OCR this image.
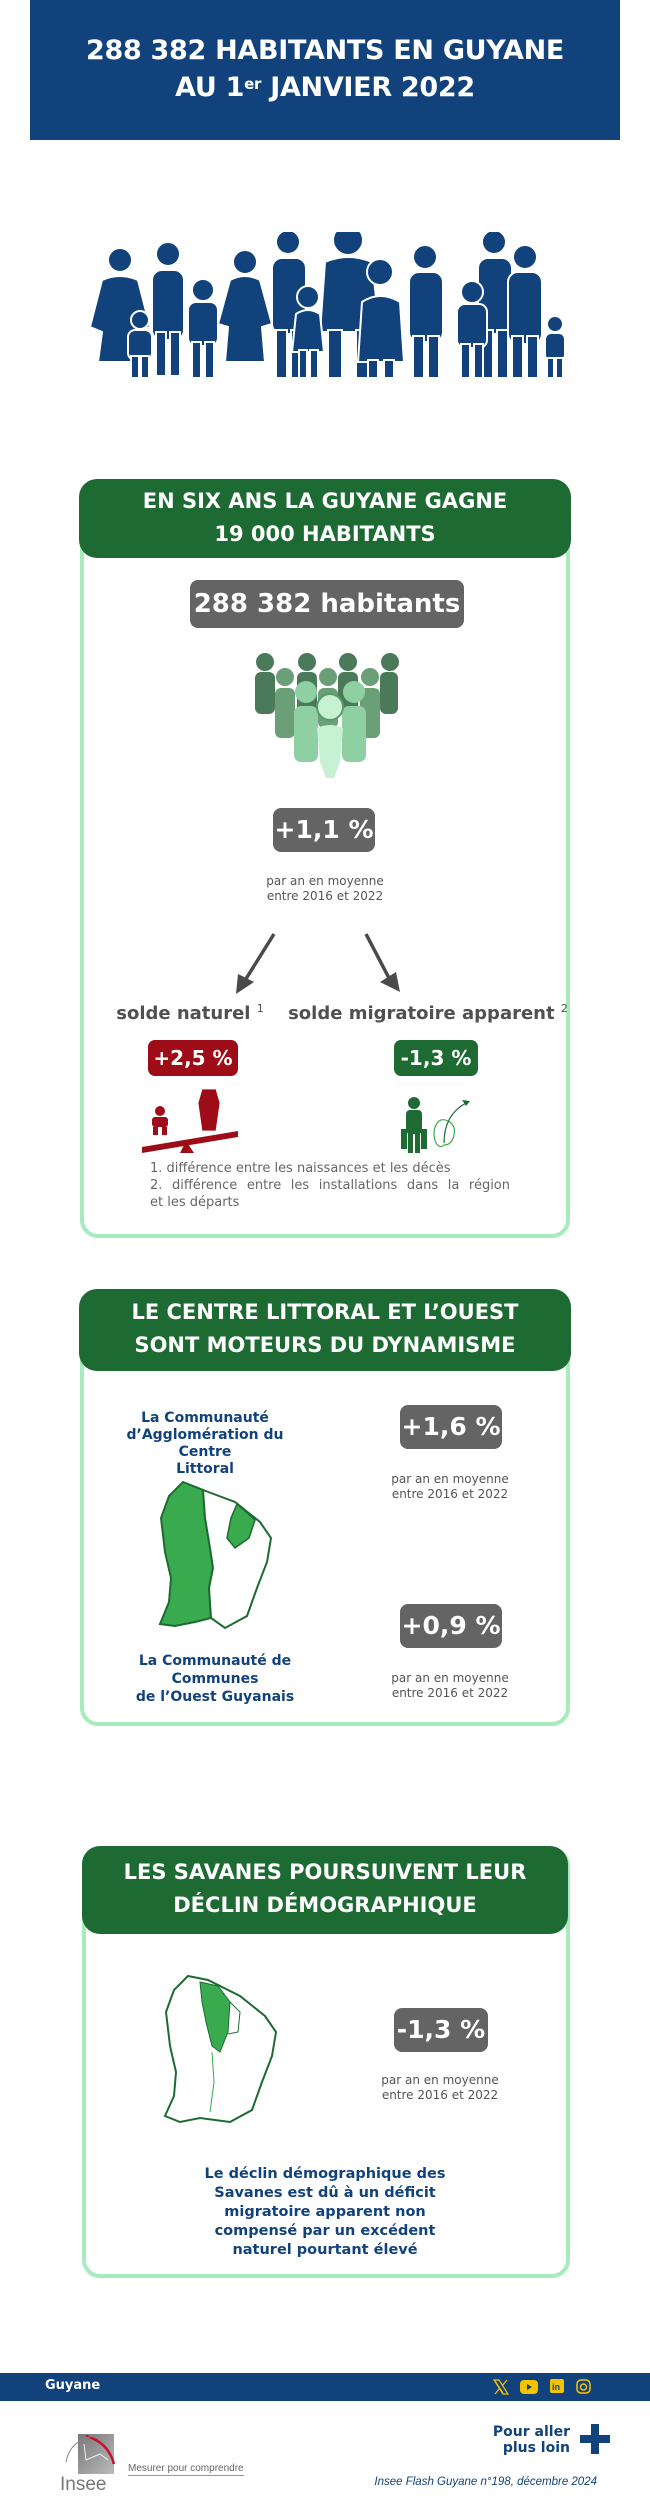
288 382 HABITANTS EN GUYANE
AU 1er JANVIER 2022
EN SIX ANS LA GUYANE GAGNE
19 000 HABITANTS
288 382 habitants
+1,1 %
par an en moyenne
entre 2016 et 2022
solde naturel $^1$	solde migratoire apparent $^2$
+2,5 %	-1,3 %
1. différence entre les naissances et les décès
2. différence entre les installations dans la région
et les départs
LE CENTRE LITTORAL ET L’OUEST
SONT MOTEURS DU DYNAMISME
La Communauté
d’Agglomération du Centre
Littoral
+1,6 %
par an en moyenne
entre 2016 et 2022
La Communauté de Communes
de l’Ouest Guyanais
+0,9 %
par an en moyenne
entre 2016 et 2022
LES SAVANES POURSUIVENT LEUR
DÉCLIN DÉMOGRAPHIQUE
-1,3 %
par an en moyenne
entre 2016 et 2022
Le déclin démographique des
Savanes est dû à un déficit
migratoire apparent non
compensé par un excédent
naturel pourtant élevé
Guyane	in
Insee
Mesurer pour comprendre
Pour aller
plus loin
Insee Flash Guyane n°198, décembre 2024
